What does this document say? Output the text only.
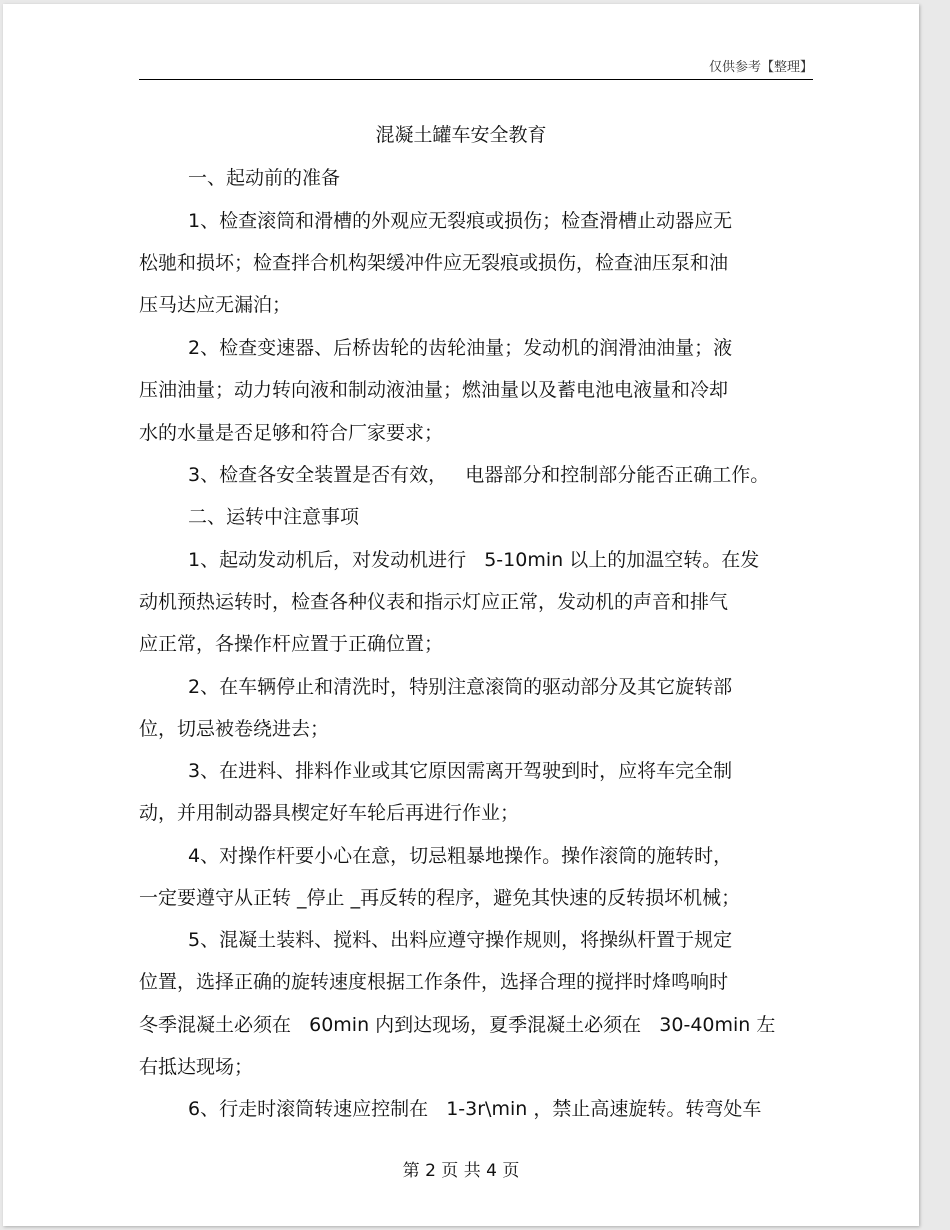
仅供参考【整理】
混凝土罐车安全教育
一、起动前的准备
1、检查滚筒和滑槽的外观应无裂痕或损伤；检查滑槽止动器应无
松驰和损坏；检查拌合机构架缓冲件应无裂痕或损伤，检查油压泵和油
压马达应无漏泊；
2、检查变速器、后桥齿轮的齿轮油量；发动机的润滑油油量；液
压油油量；动力转向液和制动液油量；燃油量以及蓄电池电液量和冷却
水的水量是否足够和符合厂家要求；
3、检查各安全装置是否有效，   电器部分和控制部分能否正确工作。
二、运转中注意事项
1、起动发动机后，对发动机进行   5-10min 以上的加温空转。在发
动机预热运转时，检查各种仪表和指示灯应正常，发动机的声音和排气
应正常，各操作杆应置于正确位置；
2、在车辆停止和清洗时，特别注意滚筒的驱动部分及其它旋转部
位，切忌被卷绕进去；
3、在进料、排料作业或其它原因需离开驾驶到时，应将车完全制
动，并用制动器具楔定好车轮后再进行作业；
4、对操作杆要小心在意，切忌粗暴地操作。操作滚筒的施转时，
一定要遵守从正转 _停止 _再反转的程序，避免其快速的反转损坏机械；
5、混凝土装料、搅料、出料应遵守操作规则，将操纵杆置于规定
位置，选择正确的旋转速度根据工作条件，选择合理的搅拌时烽鸣响时
冬季混凝土必须在   60min 内到达现场，夏季混凝土必须在   30-40min 左
右抵达现场；
6、行走时滚筒转速应控制在   1-3r\min ，禁止高速旋转。转弯处车
第 2 页 共 4 页
